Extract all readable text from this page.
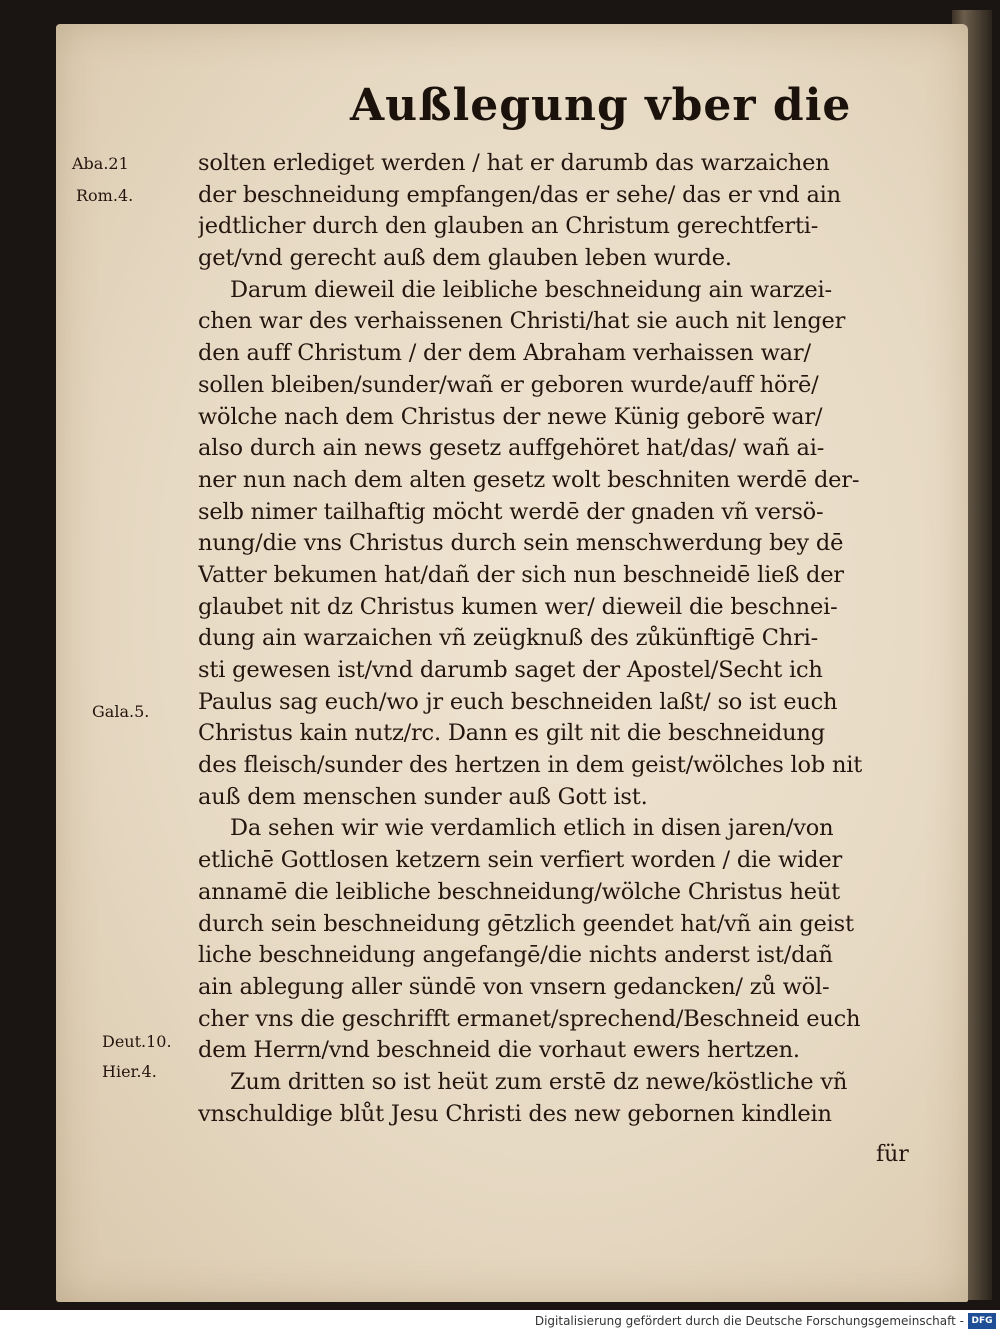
Außlegung vber die
Aba.21
Rom.4.
Gala.5.
Deut.10.
Hier.4.
solten erlediget werden / hat er darumb das warzaichen
der beschneidung empfangen/das er sehe/ das er vnd ain
jedtlicher durch den glauben an Christum gerechtferti-
get/vnd gerecht auß dem glauben leben wurde.
Darum dieweil die leibliche beschneidung ain warzei-
chen war des verhaissenen Christi/hat sie auch nit lenger
den auff Christum / der dem Abraham verhaissen war/
sollen bleiben/sunder/wañ er geboren wurde/auff hörē/
wölche nach dem Christus der newe Künig geborē war/
also durch ain news gesetz auffgehöret hat/das/ wañ ai-
ner nun nach dem alten gesetz wolt beschniten werdē der-
selb nimer tailhaftig möcht werdē der gnaden vñ versö-
nung/die vns Christus durch sein menschwerdung bey dē
Vatter bekumen hat/dañ der sich nun beschneidē ließ der
glaubet nit dz Christus kumen wer/ dieweil die beschnei-
dung ain warzaichen vñ zeügknuß des zůkünftigē Chri-
sti gewesen ist/vnd darumb saget der Apostel/Secht ich
Paulus sag euch/wo jr euch beschneiden laßt/ so ist euch
Christus kain nutz/rc. Dann es gilt nit die beschneidung
des fleisch/sunder des hertzen in dem geist/wölches lob nit
auß dem menschen sunder auß Gott ist.
Da sehen wir wie verdamlich etlich in disen jaren/von
etlichē Gottlosen ketzern sein verfiert worden / die wider
annamē die leibliche beschneidung/wölche Christus heüt
durch sein beschneidung gētzlich geendet hat/vñ ain geist
liche beschneidung angefangē/die nichts anderst ist/dañ
ain ablegung aller sündē von vnsern gedancken/ zů wöl-
cher vns die geschrifft ermanet/sprechend/Beschneid euch
dem Herrn/vnd beschneid die vorhaut ewers hertzen.
Zum dritten so ist heüt zum erstē dz newe/köstliche vñ
vnschuldige blůt Jesu Christi des new gebornen kindlein
für
Digitalisierung gefördert durch die Deutsche Forschungsgemeinschaft - DFG
